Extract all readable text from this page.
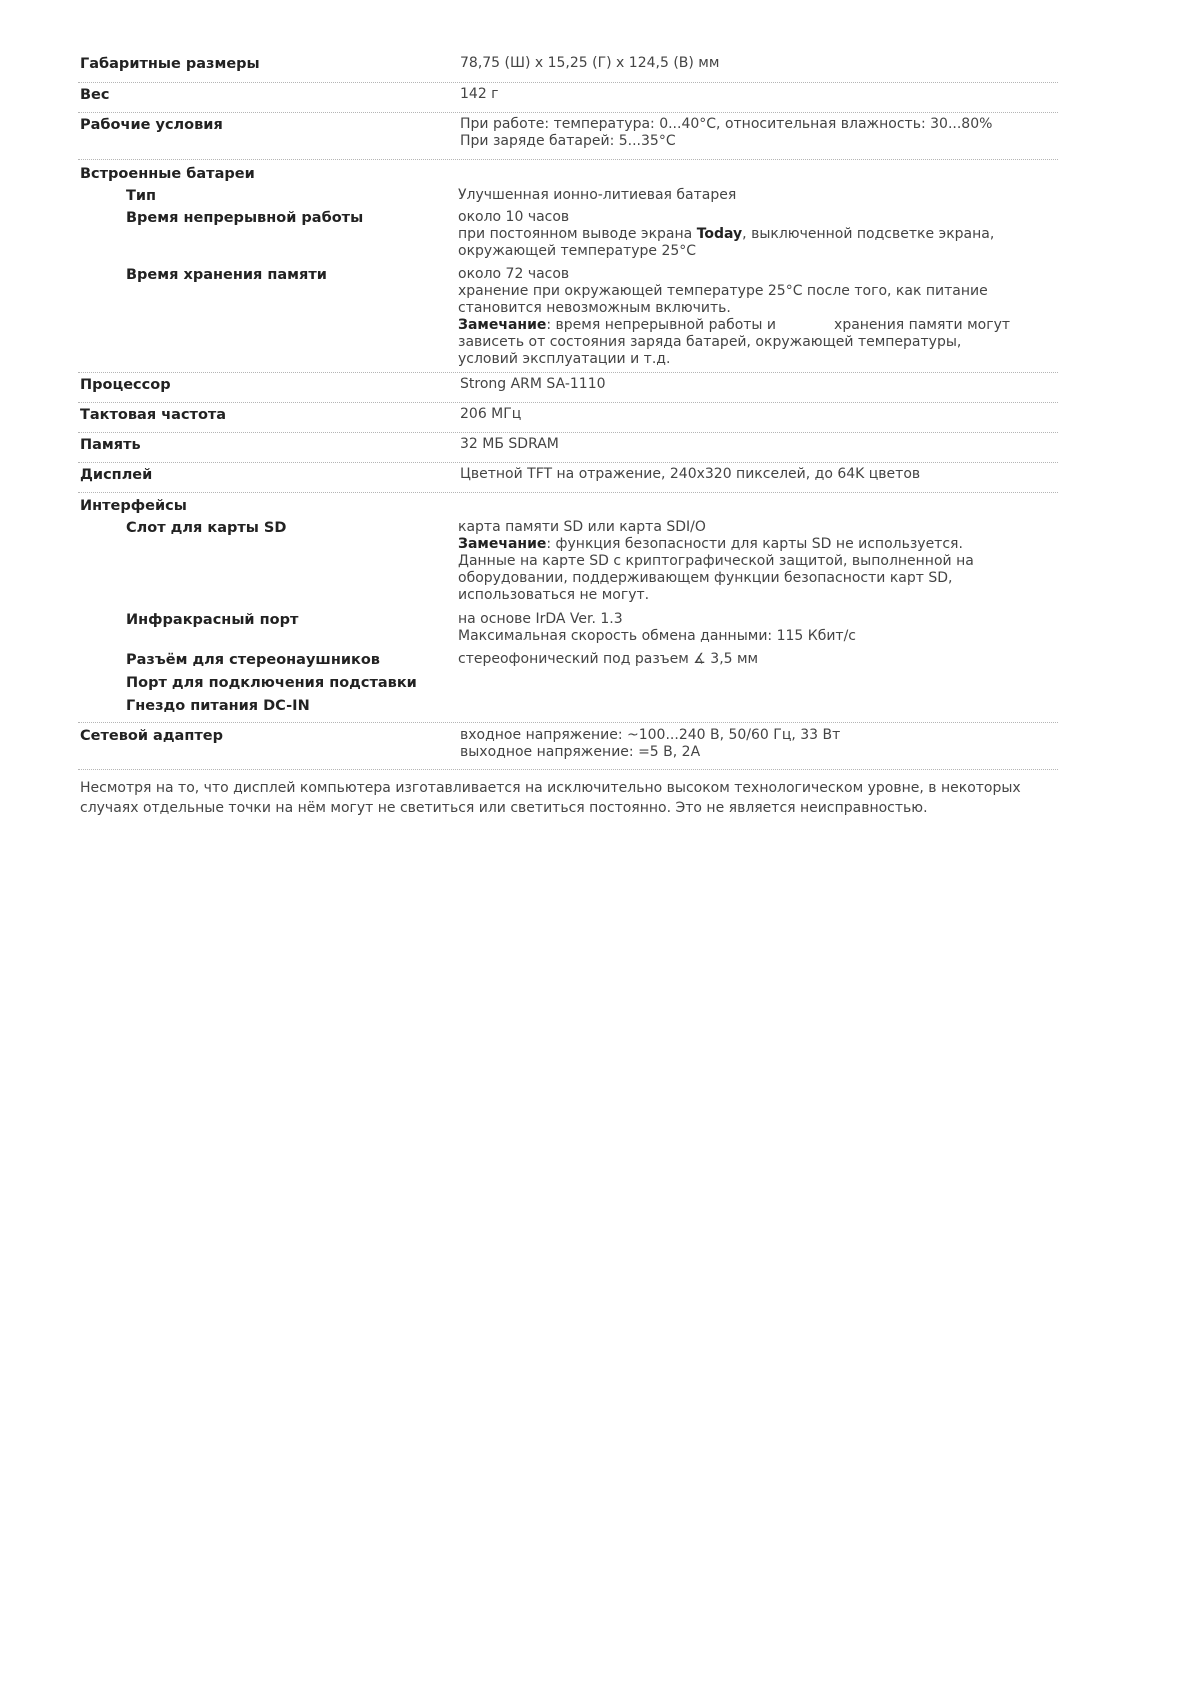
Габаритные размеры	78,75 (Ш) x 15,25 (Г) x 124,5 (В) мм
Вес	142 г
Рабочие условия	При работе: температура: 0...40°С, относительная влажность: 30...80%
При заряде батарей: 5...35°С
Встроенные батареи
Тип	Улучшенная ионно-литиевая батарея
Время непрерывной работы	около 10 часов
при постоянном выводе экрана Today, выключенной подсветке экрана,
окружающей температуре 25°С
Время хранения памяти	около 72 часов
хранение при окружающей температуре 25°С после того, как питание
становится невозможным включить.
Замечание: время непрерывной работы и	хранения памяти могут
зависеть от состояния заряда батарей, окружающей температуры,
условий эксплуатации и т.д.
Процессор	Strong ARM SA-1110
Тактовая частота	206 МГц
Память	32 МБ SDRAM
Дисплей	Цветной TFT на отражение, 240x320 пикселей, до 64K цветов
Интерфейсы
Слот для карты SD	карта памяти SD или карта SDI/O
Замечание: функция безопасности для карты SD не используется.
Данные на карте SD с криптографической защитой, выполненной на
оборудовании, поддерживающем функции безопасности карт SD,
использоваться не могут.
Инфракрасный порт	на основе IrDA Ver. 1.3
Максимальная скорость обмена данными: 115 Кбит/с
Разъём для стереонаушников	стереофонический под разъем ∡ 3,5 мм
Порт для подключения подставки
Гнездо питания DC-IN
Сетевой адаптер	входное напряжение: ~100...240 В, 50/60 Гц, 33 Вт
выходное напряжение: =5 В, 2А

Несмотря на то, что дисплей компьютера изготавливается на исключительно высоком технологическом уровне, в некоторых

случаях отдельные точки на нём могут не светиться или светиться постоянно. Это не является неисправностью.
